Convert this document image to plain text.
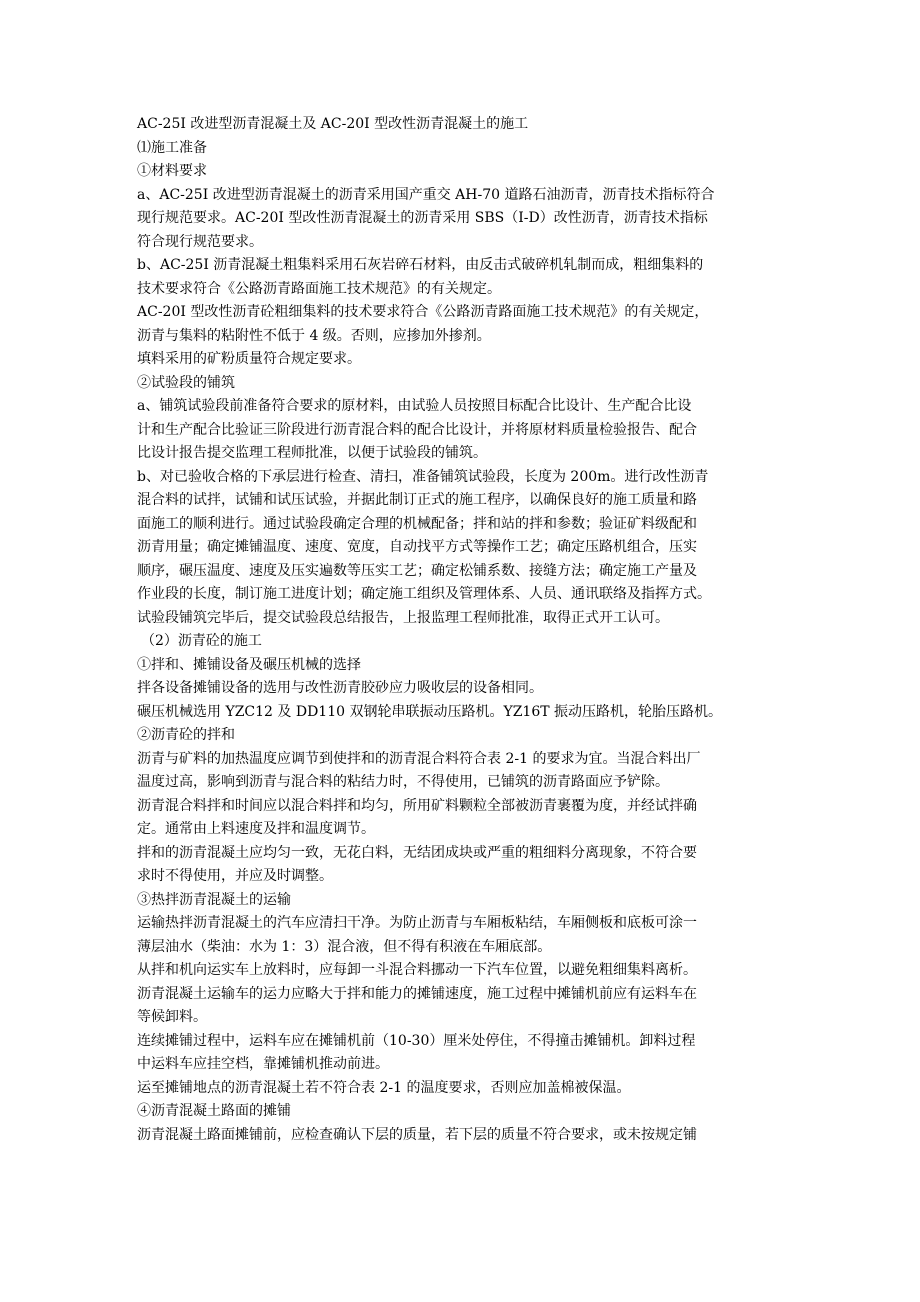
AC-25I 改进型沥青混凝土及 AC-20I 型改性沥青混凝土的施工
⑴施工准备
①材料要求
a、AC-25I 改进型沥青混凝土的沥青采用国产重交 AH-70 道路石油沥青，沥青技术指标符合
现行规范要求。AC-20I 型改性沥青混凝土的沥青采用 SBS（I-D）改性沥青，沥青技术指标
符合现行规范要求。
b、AC-25I 沥青混凝土粗集料采用石灰岩碎石材料，由反击式破碎机轧制而成，粗细集料的
技术要求符合《公路沥青路面施工技术规范》的有关规定。
AC-20I 型改性沥青砼粗细集料的技术要求符合《公路沥青路面施工技术规范》的有关规定，
沥青与集料的粘附性不低于 4 级。否则，应掺加外掺剂。
填料采用的矿粉质量符合规定要求。
②试验段的铺筑
a、铺筑试验段前准备符合要求的原材料，由试验人员按照目标配合比设计、生产配合比设
计和生产配合比验证三阶段进行沥青混合料的配合比设计，并将原材料质量检验报告、配合
比设计报告提交监理工程师批准，以便于试验段的铺筑。
b、对已验收合格的下承层进行检查、清扫，准备铺筑试验段，长度为 200m。进行改性沥青
混合料的试拌，试铺和试压试验，并据此制订正式的施工程序，以确保良好的施工质量和路
面施工的顺利进行。通过试验段确定合理的机械配备；拌和站的拌和参数；验证矿料级配和
沥青用量；确定摊铺温度、速度、宽度，自动找平方式等操作工艺；确定压路机组合，压实
顺序，碾压温度、速度及压实遍数等压实工艺；确定松铺系数、接缝方法；确定施工产量及
作业段的长度，制订施工进度计划；确定施工组织及管理体系、人员、通讯联络及指挥方式。
试验段铺筑完毕后，提交试验段总结报告，上报监理工程师批准，取得正式开工认可。
（2）沥青砼的施工
①拌和、摊铺设备及碾压机械的选择
拌各设备摊铺设备的选用与改性沥青胶砂应力吸收层的设备相同。
碾压机械选用 YZC12 及 DD110 双钢轮串联振动压路机。YZ16T 振动压路机，轮胎压路机。
②沥青砼的拌和
沥青与矿料的加热温度应调节到使拌和的沥青混合料符合表 2-1 的要求为宜。当混合料出厂
温度过高，影响到沥青与混合料的粘结力时，不得使用，已铺筑的沥青路面应予铲除。
沥青混合料拌和时间应以混合料拌和均匀，所用矿料颗粒全部被沥青裹覆为度，并经试拌确
定。通常由上料速度及拌和温度调节。
拌和的沥青混凝土应均匀一致，无花白料，无结团成块或严重的粗细料分离现象，不符合要
求时不得使用，并应及时调整。
③热拌沥青混凝土的运输
运输热拌沥青混凝土的汽车应清扫干净。为防止沥青与车厢板粘结，车厢侧板和底板可涂一
薄层油水（柴油：水为 1：3）混合液，但不得有积液在车厢底部。
从拌和机向运实车上放料时，应每卸一斗混合料挪动一下汽车位置，以避免粗细集料离析。
沥青混凝土运输车的运力应略大于拌和能力的摊铺速度，施工过程中摊铺机前应有运料车在
等候卸料。
连续摊铺过程中，运料车应在摊铺机前（10-30）厘米处停住，不得撞击摊铺机。卸料过程
中运料车应挂空档，靠摊铺机推动前进。
运至摊铺地点的沥青混凝土若不符合表 2-1 的温度要求，否则应加盖棉被保温。
④沥青混凝土路面的摊铺
沥青混凝土路面摊铺前，应检查确认下层的质量，若下层的质量不符合要求，或未按规定铺
